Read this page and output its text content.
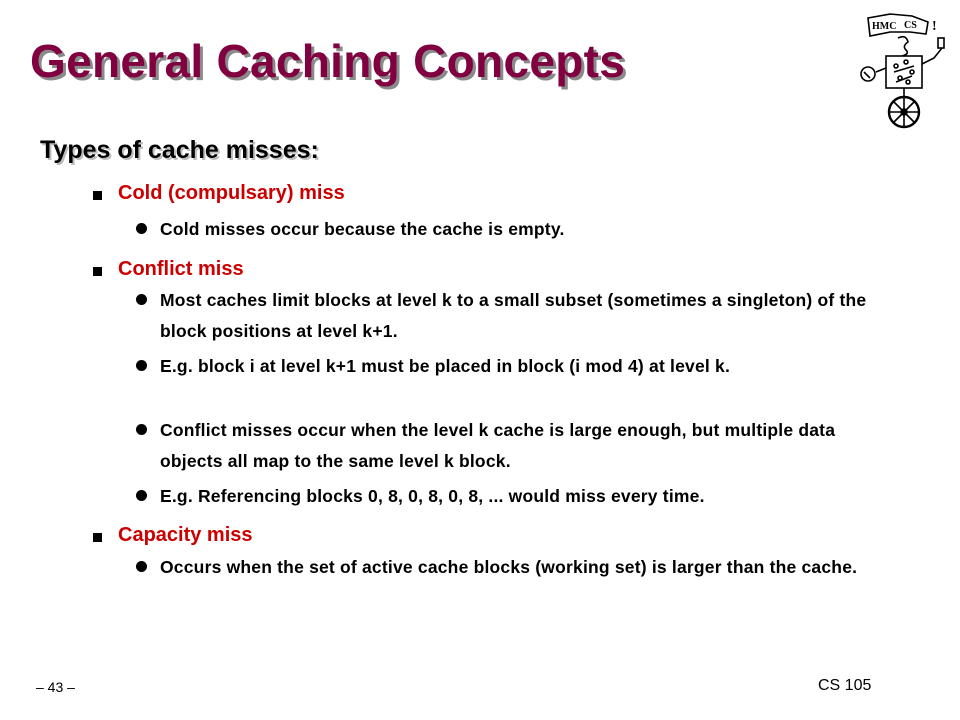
General Caching Concepts
HMC CS !
Types of cache misses:
Cold (compulsary) miss
Cold misses occur because the cache is empty.
Conflict miss
Most caches limit blocks at level k to a small subset (sometimes a singleton) of the block positions at level k+1.
E.g. block i at level k+1 must be placed in block (i mod 4) at level k.
Conflict misses occur when the level k cache is large enough, but multiple data objects all map to the same level k block.
E.g. Referencing blocks 0, 8, 0, 8, 0, 8, ... would miss every time.
Capacity miss
Occurs when the set of active cache blocks (working set) is larger than the cache.
– 43 –	CS 105
